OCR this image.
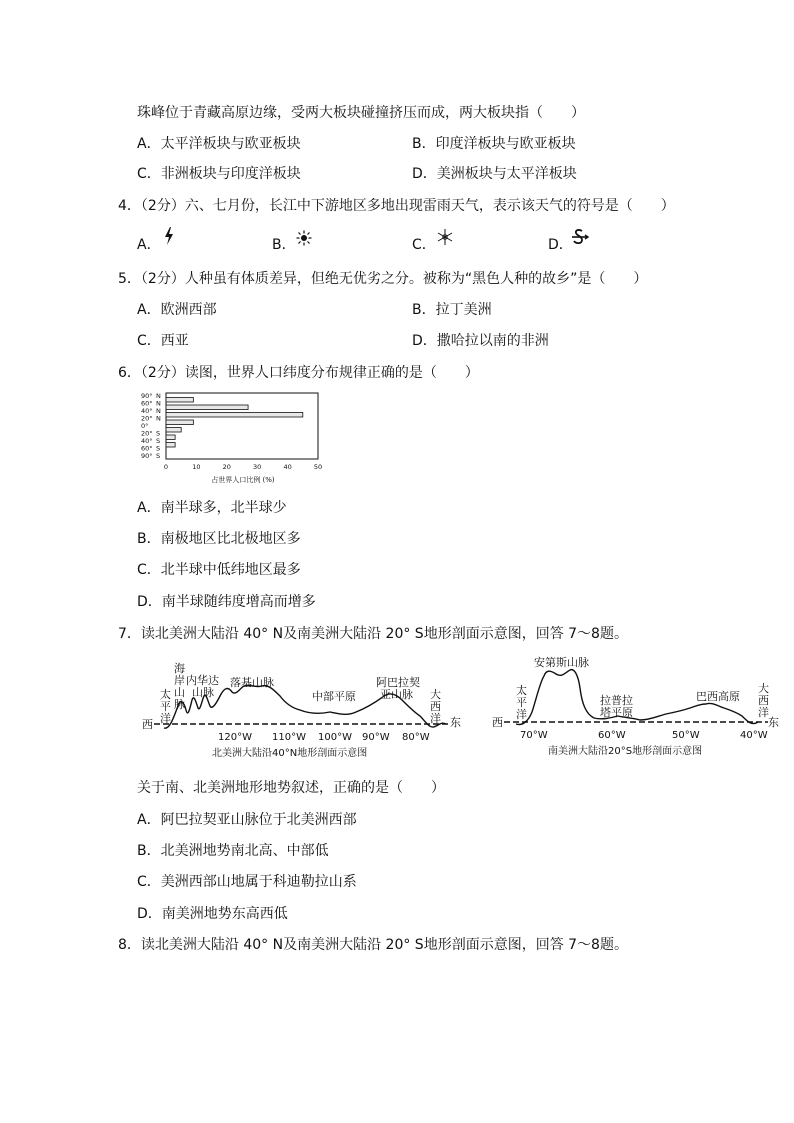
珠峰位于青藏高原边缘，受两大板块碰撞挤压而成，两大板块指（　　）
A．太平洋板块与欧亚板块	B．印度洋板块与欧亚板块
C．非洲板块与印度洋板块	D．美洲板块与太平洋板块
4．（2分）六、七月份，长江中下游地区多地出现雷雨天气，表示该天气的符号是（　　）
A．	B．	C．	D．
5．（2分）人种虽有体质差异，但绝无优劣之分。被称为“黑色人种的故乡”是（　　）
A．欧洲西部	B．拉丁美洲
C．西亚	D．撒哈拉以南的非洲
6．（2分）读图，世界人口纬度分布规律正确的是（　　）
90° N
60° N
40° N
20° N
0°
20° S
40° S
60° S
90° S
0	10	20	30	40	50
占世界人口比例 (%)
A．南半球多，北半球少
B．南极地区比北极地区多
C．北半球中低纬地区最多
D．南半球随纬度增高而增多
7．读北美洲大陆沿 40° N及南美洲大陆沿 20° S地形剖面示意图，回答 7～8题。
太
平
洋
海
岸
山
脉
内华达
山脉
落基山脉
中部平原
阿巴拉契
亚山脉 大
西
洋
西	东
120°W 110°W 100°W 90°W 80°W
北美洲大陆沿40°N地形剖面示意图
安第斯山脉
太
平
洋
拉普拉
塔平原
巴西高原
大
西
洋
西	东
70°W	60°W	50°W	40°W
南美洲大陆沿20°S地形剖面示意图
关于南、北美洲地形地势叙述，正确的是（　　）
A．阿巴拉契亚山脉位于北美洲西部
B．北美洲地势南北高、中部低
C．美洲西部山地属于科迪勒拉山系
D．南美洲地势东高西低
8．读北美洲大陆沿 40° N及南美洲大陆沿 20° S地形剖面示意图，回答 7～8题。
